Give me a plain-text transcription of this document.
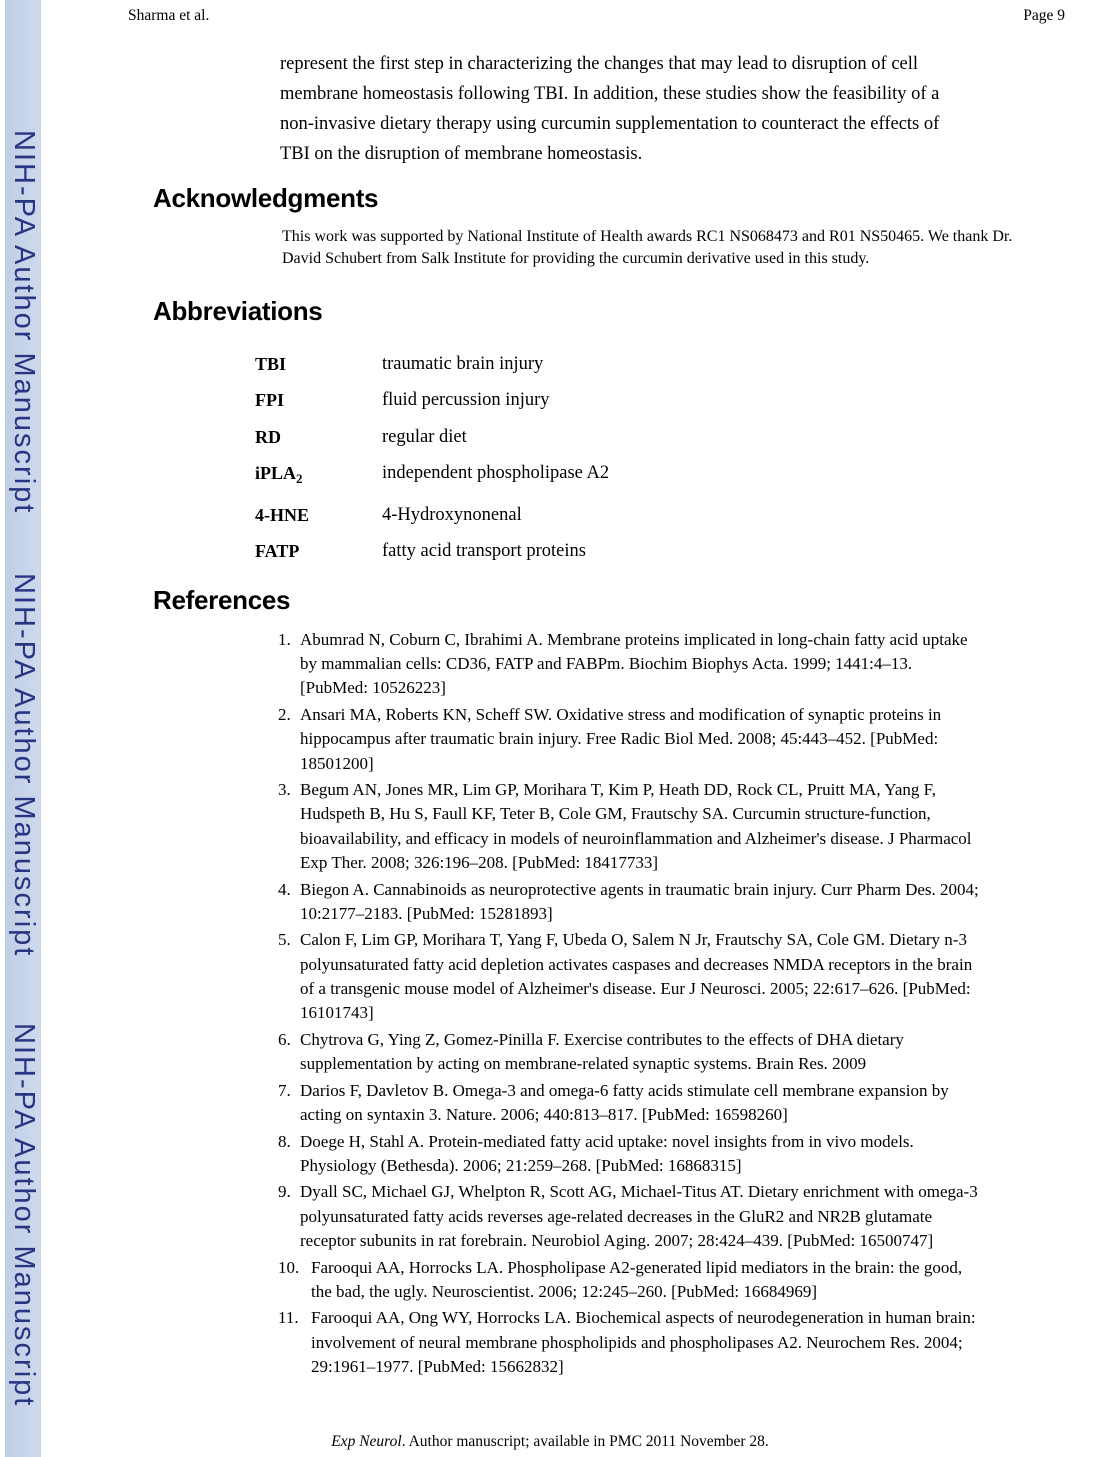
NIH-PA Author Manuscript
NIH-PA Author Manuscript
NIH-PA Author Manuscript
Sharma et al.	Page 9
represent the first step in characterizing the changes that may lead to disruption of cell
membrane homeostasis following TBI. In addition, these studies show the feasibility of a
non-invasive dietary therapy using curcumin supplementation to counteract the effects of
TBI on the disruption of membrane homeostasis.
Acknowledgments
This work was supported by National Institute of Health awards RC1 NS068473 and R01 NS50465. We thank Dr.
David Schubert from Salk Institute for providing the curcumin derivative used in this study.
Abbreviations
TBI	traumatic brain injury
FPI	fluid percussion injury
RD	regular diet
iPLA$_2$	independent phospholipase A2
4-HNE	4-Hydroxynonenal
FATP	fatty acid transport proteins
References
1. Abumrad N, Coburn C, Ibrahimi A. Membrane proteins implicated in long-chain fatty acid uptake
by mammalian cells: CD36, FATP and FABPm. Biochim Biophys Acta. 1999; 1441:4–13.
[PubMed: 10526223]
2. Ansari MA, Roberts KN, Scheff SW. Oxidative stress and modification of synaptic proteins in
hippocampus after traumatic brain injury. Free Radic Biol Med. 2008; 45:443–452. [PubMed:
18501200]
3. Begum AN, Jones MR, Lim GP, Morihara T, Kim P, Heath DD, Rock CL, Pruitt MA, Yang F,
Hudspeth B, Hu S, Faull KF, Teter B, Cole GM, Frautschy SA. Curcumin structure-function,
bioavailability, and efficacy in models of neuroinflammation and Alzheimer's disease. J Pharmacol
Exp Ther. 2008; 326:196–208. [PubMed: 18417733]
4. Biegon A. Cannabinoids as neuroprotective agents in traumatic brain injury. Curr Pharm Des. 2004;
10:2177–2183. [PubMed: 15281893]
5. Calon F, Lim GP, Morihara T, Yang F, Ubeda O, Salem N Jr, Frautschy SA, Cole GM. Dietary n-3
polyunsaturated fatty acid depletion activates caspases and decreases NMDA receptors in the brain
of a transgenic mouse model of Alzheimer's disease. Eur J Neurosci. 2005; 22:617–626. [PubMed:
16101743]
6. Chytrova G, Ying Z, Gomez-Pinilla F. Exercise contributes to the effects of DHA dietary
supplementation by acting on membrane-related synaptic systems. Brain Res. 2009
7. Darios F, Davletov B. Omega-3 and omega-6 fatty acids stimulate cell membrane expansion by
acting on syntaxin 3. Nature. 2006; 440:813–817. [PubMed: 16598260]
8. Doege H, Stahl A. Protein-mediated fatty acid uptake: novel insights from in vivo models.
Physiology (Bethesda). 2006; 21:259–268. [PubMed: 16868315]
9. Dyall SC, Michael GJ, Whelpton R, Scott AG, Michael-Titus AT. Dietary enrichment with omega-3
polyunsaturated fatty acids reverses age-related decreases in the GluR2 and NR2B glutamate
receptor subunits in rat forebrain. Neurobiol Aging. 2007; 28:424–439. [PubMed: 16500747]
10. Farooqui AA, Horrocks LA. Phospholipase A2-generated lipid mediators in the brain: the good,
the bad, the ugly. Neuroscientist. 2006; 12:245–260. [PubMed: 16684969]
11. Farooqui AA, Ong WY, Horrocks LA. Biochemical aspects of neurodegeneration in human brain:
involvement of neural membrane phospholipids and phospholipases A2. Neurochem Res. 2004;
29:1961–1977. [PubMed: 15662832]
Exp Neurol. Author manuscript; available in PMC 2011 November 28.
